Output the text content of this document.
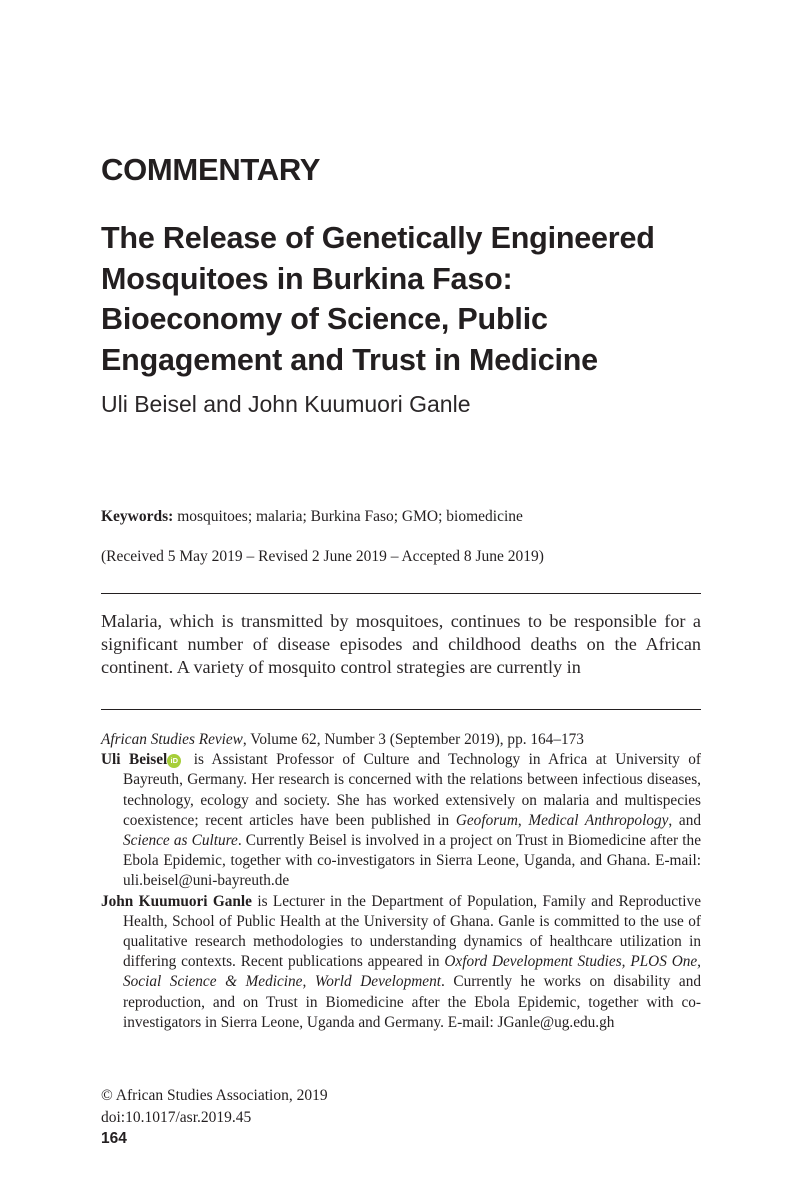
COMMENTARY
The Release of Genetically Engineered Mosquitoes in Burkina Faso: Bioeconomy of Science, Public Engagement and Trust in Medicine
Uli Beisel and John Kuumuori Ganle
Keywords: mosquitoes; malaria; Burkina Faso; GMO; biomedicine
(Received 5 May 2019 – Revised 2 June 2019 – Accepted 8 June 2019)

Malaria, which is transmitted by mosquitoes, continues to be responsible for a significant number of disease episodes and childhood deaths on the African continent. A variety of mosquito control strategies are currently in

African Studies Review, Volume 62, Number 3 (September 2019), pp. 164–173

Uli Beisel iD is Assistant Professor of Culture and Technology in Africa at University of Bayreuth, Germany. Her research is concerned with the relations between infectious diseases, technology, ecology and society. She has worked extensively on malaria and multispecies coexistence; recent articles have been published in Geoforum, Medical Anthropology, and Science as Culture. Currently Beisel is involved in a project on Trust in Biomedicine after the Ebola Epidemic, together with co-investigators in Sierra Leone, Uganda, and Ghana. E-mail: uli.beisel@uni-bayreuth.de

John Kuumuori Ganle is Lecturer in the Department of Population, Family and Reproductive Health, School of Public Health at the University of Ghana. Ganle is committed to the use of qualitative research methodologies to understanding dynamics of healthcare utilization in differing contexts. Recent publications appeared in Oxford Development Studies, PLOS One, Social Science & Medicine, World Development. Currently he works on disability and reproduction, and on Trust in Biomedicine after the Ebola Epidemic, together with co-investigators in Sierra Leone, Uganda and Germany. E-mail: JGanle@ug.edu.gh

© African Studies Association, 2019
doi:10.1017/asr.2019.45
164
